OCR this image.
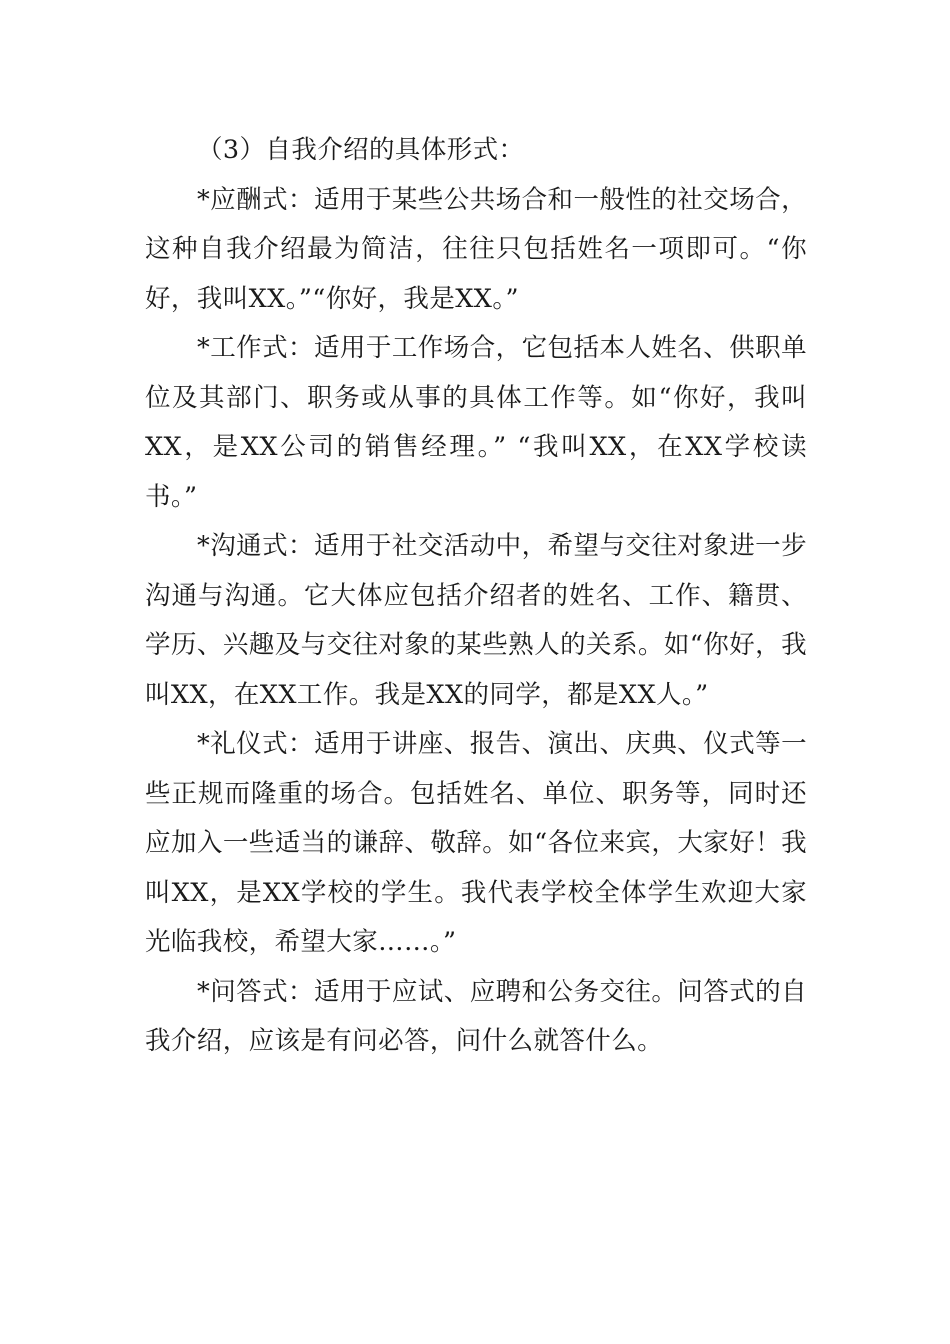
（3）自我介绍的具体形式：

*应酬式：适用于某些公共场合和一般性的社交场合，这种自我介绍最为简洁，往往只包括姓名一项即可。“你好，我叫XX。”“你好，我是XX。”

*工作式：适用于工作场合，它包括本人姓名、供职单位及其部门、职务或从事的具体工作等。如“你好，我叫XX，是XX公司的销售经理。” “我叫XX，在XX学校读书。”

*沟通式：适用于社交活动中，希望与交往对象进一步沟通与沟通。它大体应包括介绍者的姓名、工作、籍贯、学历、兴趣及与交往对象的某些熟人的关系。如“你好，我叫XX，在XX工作。我是XX的同学，都是XX人。”

*礼仪式：适用于讲座、报告、演出、庆典、仪式等一些正规而隆重的场合。包括姓名、单位、职务等，同时还应加入一些适当的谦辞、敬辞。如“各位来宾，大家好！我叫XX，是XX学校的学生。我代表学校全体学生欢迎大家光临我校，希望大家……。”

*问答式：适用于应试、应聘和公务交往。问答式的自我介绍，应该是有问必答，问什么就答什么。
